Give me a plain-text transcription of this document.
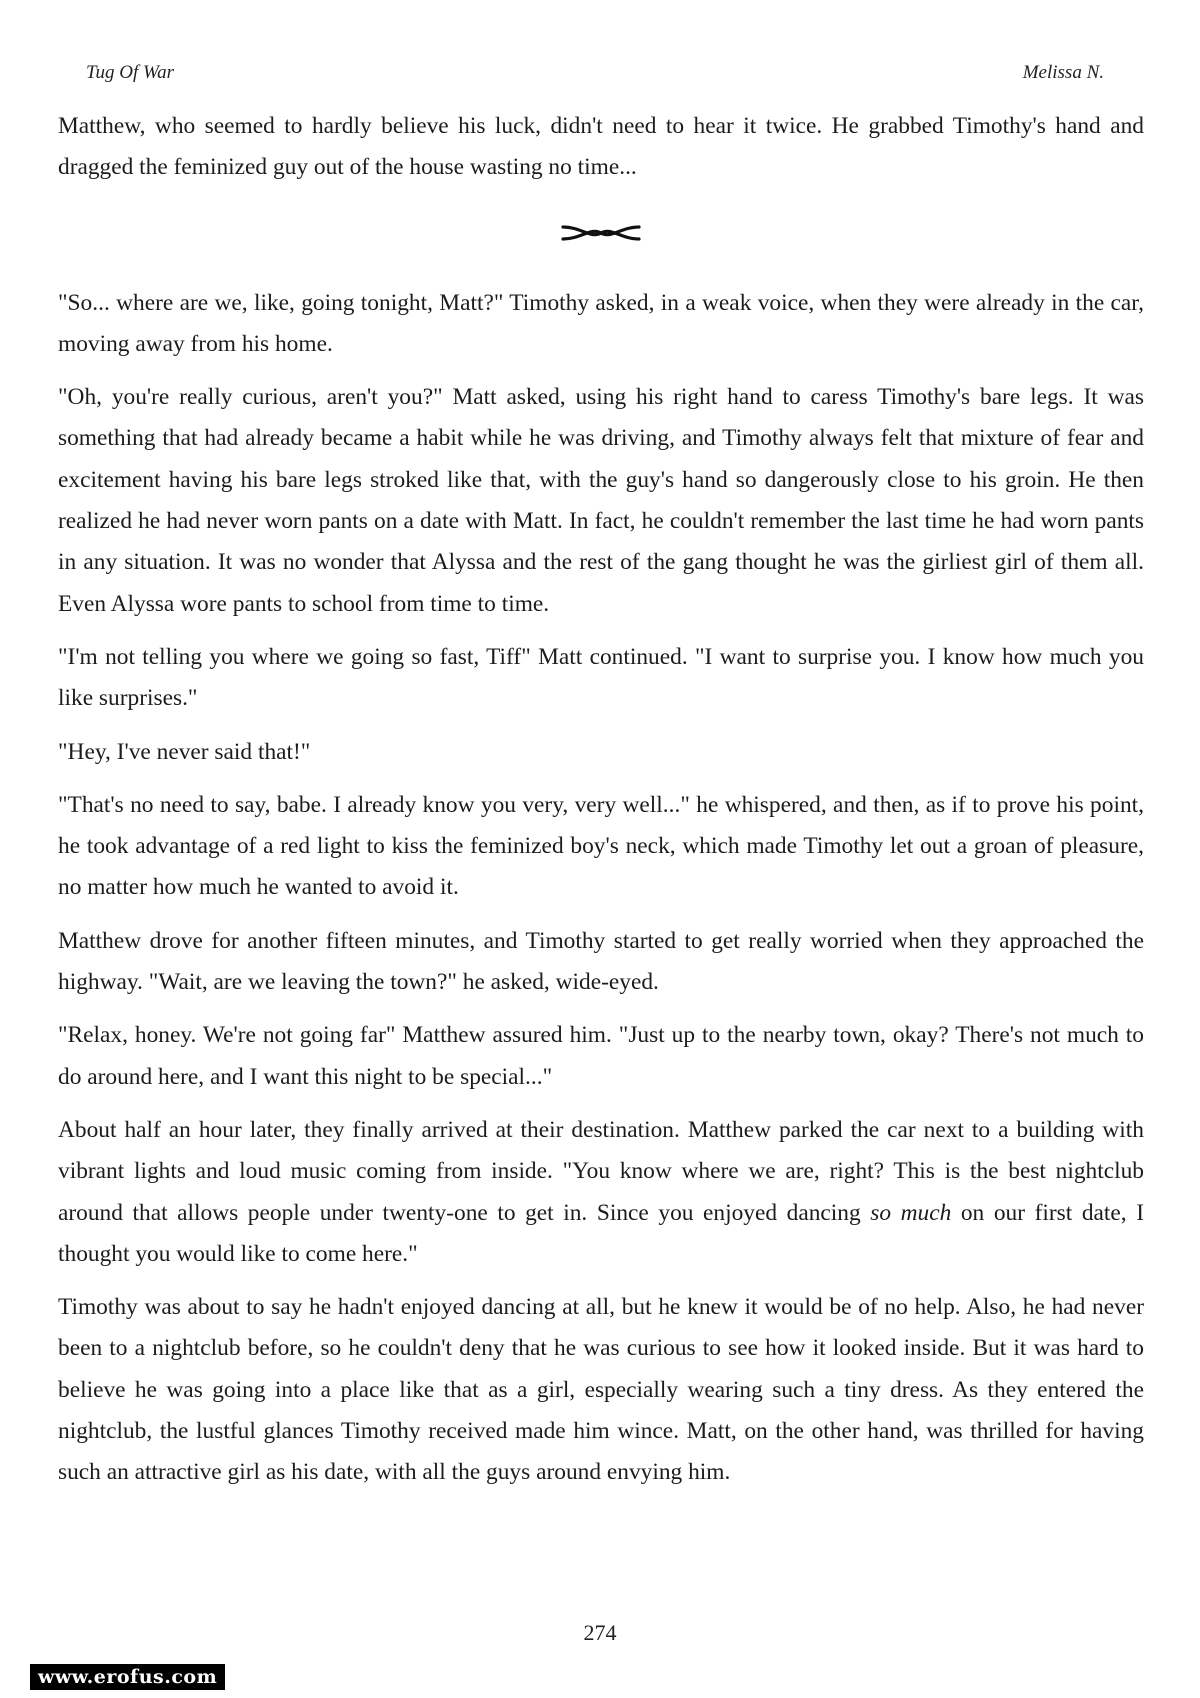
Tug Of War	Melissa N.

Matthew, who seemed to hardly believe his luck, didn't need to hear it twice. He grabbed Timothy's hand and dragged the feminized guy out of the house wasting no time...

"So... where are we, like, going tonight, Matt?" Timothy asked, in a weak voice, when they were already in the car, moving away from his home.

"Oh, you're really curious, aren't you?" Matt asked, using his right hand to caress Timothy's bare legs. It was something that had already became a habit while he was driving, and Timothy always felt that mixture of fear and excitement having his bare legs stroked like that, with the guy's hand so dangerously close to his groin. He then realized he had never worn pants on a date with Matt. In fact, he couldn't remember the last time he had worn pants in any situation. It was no wonder that Alyssa and the rest of the gang thought he was the girliest girl of them all. Even Alyssa wore pants to school from time to time.

"I'm not telling you where we going so fast, Tiff" Matt continued. "I want to surprise you. I know how much you like surprises."

"Hey, I've never said that!"

"That's no need to say, babe. I already know you very, very well..." he whispered, and then, as if to prove his point, he took advantage of a red light to kiss the feminized boy's neck, which made Timothy let out a groan of pleasure, no matter how much he wanted to avoid it.

Matthew drove for another fifteen minutes, and Timothy started to get really worried when they approached the highway. "Wait, are we leaving the town?" he asked, wide-eyed.

"Relax, honey. We're not going far" Matthew assured him. "Just up to the nearby town, okay? There's not much to do around here, and I want this night to be special..."

About half an hour later, they finally arrived at their destination. Matthew parked the car next to a building with vibrant lights and loud music coming from inside. "You know where we are, right? This is the best nightclub around that allows people under twenty-one to get in. Since you enjoyed dancing so much on our first date, I thought you would like to come here."

Timothy was about to say he hadn't enjoyed dancing at all, but he knew it would be of no help. Also, he had never been to a nightclub before, so he couldn't deny that he was curious to see how it looked inside. But it was hard to believe he was going into a place like that as a girl, especially wearing such a tiny dress. As they entered the nightclub, the lustful glances Timothy received made him wince. Matt, on the other hand, was thrilled for having such an attractive girl as his date, with all the guys around envying him.

274
www.erofus.com
